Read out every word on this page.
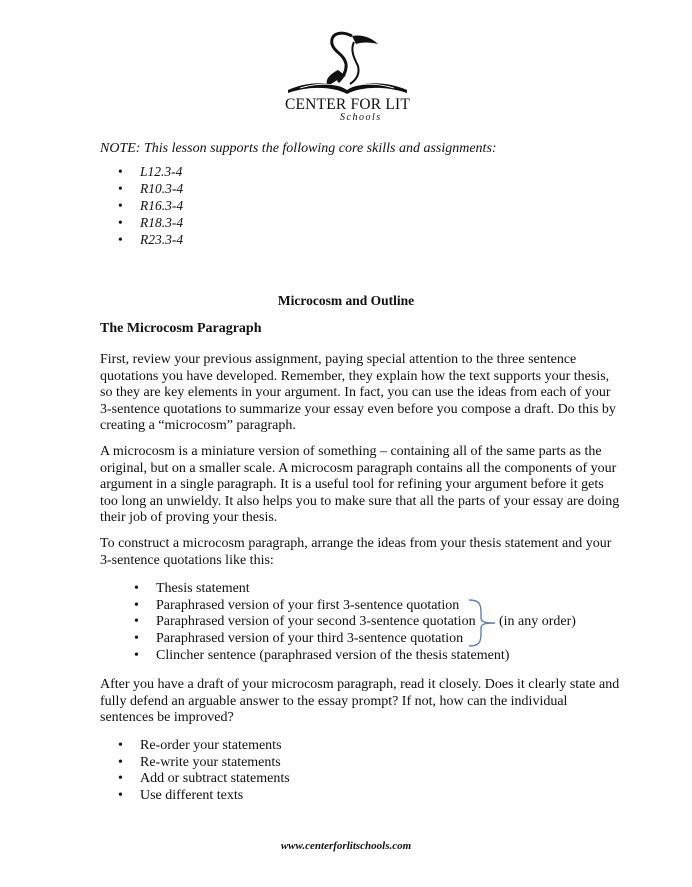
CENTER FOR LIT
Schools
NOTE: This lesson supports the following core skills and assignments:
• L12.3-4
• R10.3-4
• R16.3-4
• R18.3-4
• R23.3-4
Microcosm and Outline
The Microcosm Paragraph

First, review your previous assignment, paying special attention to the three sentence
quotations you have developed. Remember, they explain how the text supports your thesis,
so they are key elements in your argument. In fact, you can use the ideas from each of your
3-sentence quotations to summarize your essay even before you compose a draft. Do this by
creating a “microcosm” paragraph.

A microcosm is a miniature version of something – containing all of the same parts as the
original, but on a smaller scale. A microcosm paragraph contains all the components of your
argument in a single paragraph. It is a useful tool for refining your argument before it gets
too long an unwieldy. It also helps you to make sure that all the parts of your essay are doing
their job of proving your thesis.

To construct a microcosm paragraph, arrange the ideas from your thesis statement and your
3-sentence quotations like this:

• Thesis statement
• Paraphrased version of your first 3-sentence quotation
• Paraphrased version of your second 3-sentence quotation
• Paraphrased version of your third 3-sentence quotation
• Clincher sentence (paraphrased version of the thesis statement)
(in any order)

After you have a draft of your microcosm paragraph, read it closely. Does it clearly state and
fully defend an arguable answer to the essay prompt? If not, how can the individual
sentences be improved?

• Re-order your statements
• Re-write your statements
• Add or subtract statements
• Use different texts
www.centerforlitschools.com
